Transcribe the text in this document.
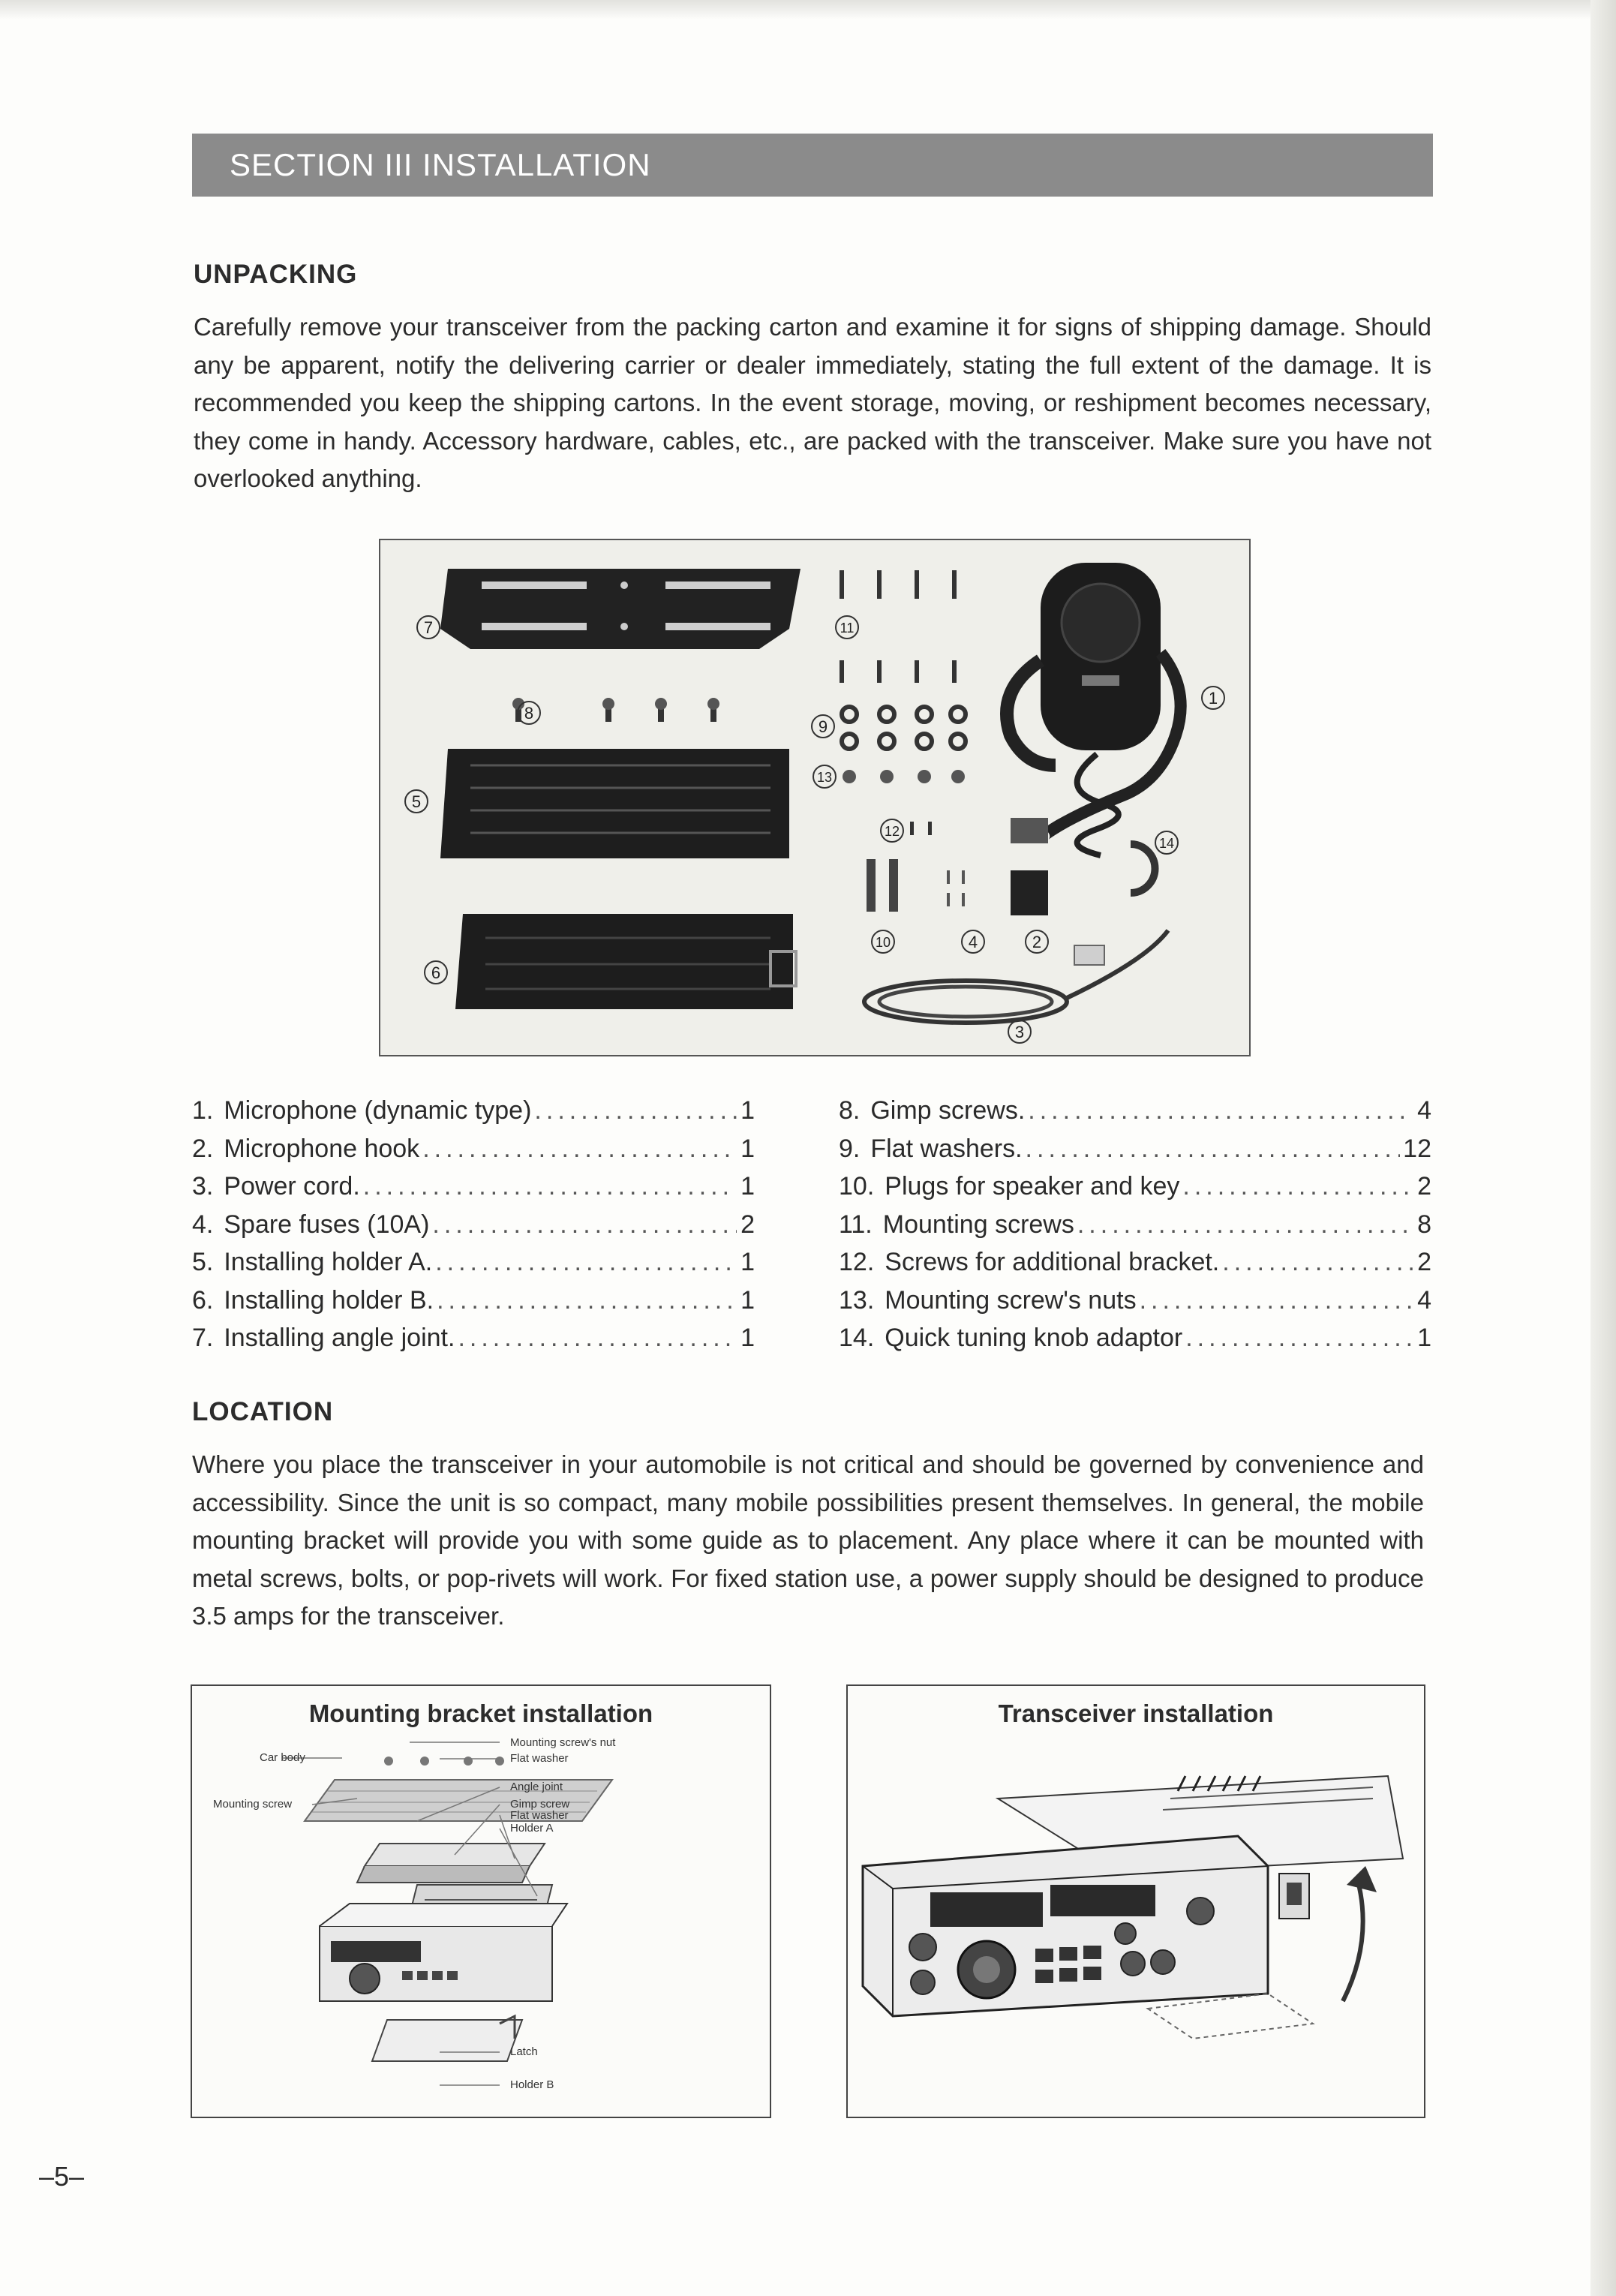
SECTION III INSTALLATION
UNPACKING
Carefully remove your transceiver from the packing carton and examine it for signs of shipping damage. Should any be apparent, notify the delivering carrier or dealer immediately, stating the full extent of the damage. It is recommended you keep the shipping cartons. In the event storage, moving, or reshipment becomes necessary, they come in handy. Accessory hardware, cables, etc., are packed with the transceiver. Make sure you have not overlooked anything.
1
2
3
4
5
6
7
8
9
10
11
12
13
14
1. Microphone (dynamic type) .....	1
2. Microphone hook .....	1
3. Power cord. .....	1
4. Spare fuses (10A) .....	2
5. Installing holder A. .....	1
6. Installing holder B. .....	1
7. Installing angle joint. .....	1
8. Gimp screws. .....	4
9. Flat washers. .....	12
10. Plugs for speaker and key .....	2
11. Mounting screws .....	8
12. Screws for additional bracket. .....	2
13. Mounting screw's nuts .....	4
14. Quick tuning knob adaptor .....	1
LOCATION
Where you place the transceiver in your automobile is not critical and should be governed by convenience and accessibility. Since the unit is so compact, many mobile possibilities present themselves. In general, the mobile mounting bracket will provide you with some guide as to placement. Any place where it can be mounted with metal screws, bolts, or pop-rivets will work. For fixed station use, a power supply should be designed to produce 3.5 amps for the transceiver.
Mounting bracket installation
Mounting screw's nut
Flat washer
Car body
Mounting screw
Angle joint
Gimp screw
Flat washer
Holder A
Latch
Holder B
Transceiver installation
–5–
